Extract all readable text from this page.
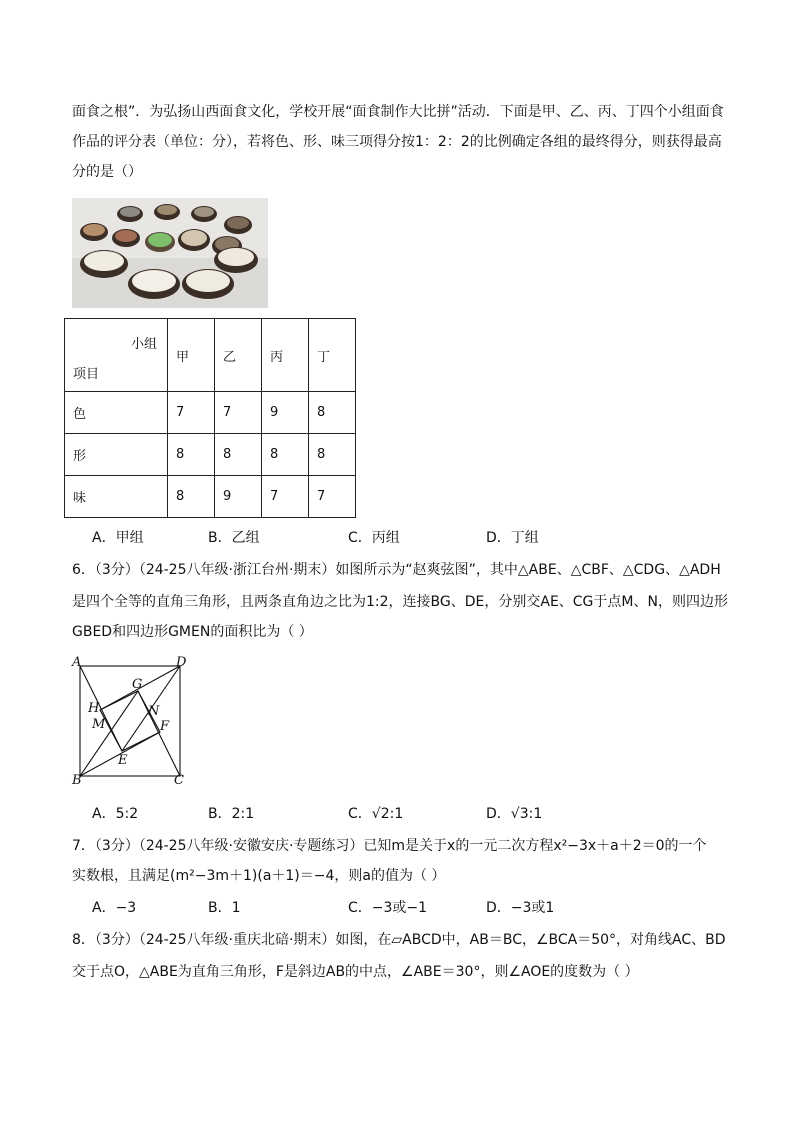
面食之根”．为弘扬山西面食文化，学校开展“面食制作大比拼”活动．下面是甲、乙、丙、丁四个小组面食
作品的评分表（单位：分），若将色、形、味三项得分按1：2：2的比例确定各组的最终得分，则获得最高
分的是（）
小组
项目	甲	乙	丙	丁
色	7	7	9	8
形	8	8	8	8
味	8	9	7	7
A．甲组	B．乙组	C．丙组	D．丁组
6．（3分）（24-25八年级·浙江台州·期末）如图所示为“赵爽弦图”，其中△ABE、△CBF、△CDG、△ADH
是四个全等的直角三角形，且两条直角边之比为1:2，连接BG、DE，分别交AE、CG于点M、N，则四边形
GBED和四边形GMEN的面积比为（ ）
A	D
G
H	N
M	F
E
B	C
A．5:2	B．2:1	C．√2:1	D．√3:1
7．（3分）（24-25八年级·安徽安庆·专题练习）已知m是关于x的一元二次方程x²−3x＋a＋2＝0的一个
实数根，且满足(m²−3m＋1)(a＋1)＝−4，则a的值为（ ）
A．−3	B．1	C．−3或−1	D．−3或1
8．（3分）（24-25八年级·重庆北碚·期末）如图，在▱ABCD中，AB＝BC，∠BCA＝50°，对角线AC、BD
交于点O，△ABE为直角三角形，F是斜边AB的中点，∠ABE＝30°，则∠AOE的度数为（ ）
